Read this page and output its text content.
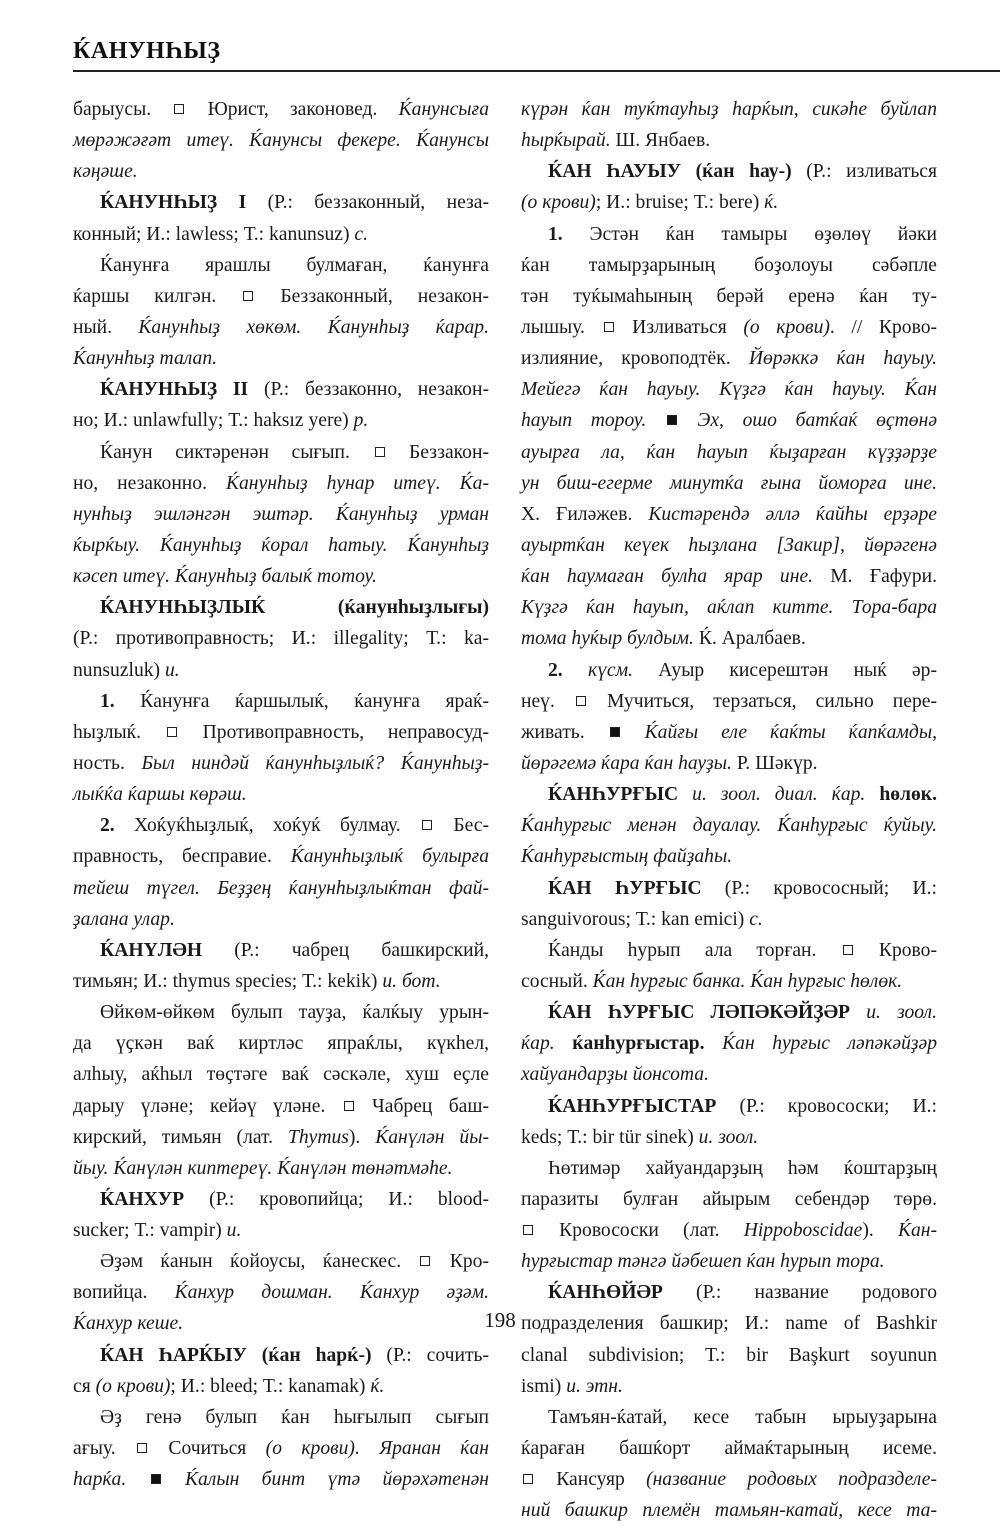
ЌАНУНҺЫҘ
барыусы.  Юрист, законовед. Ќанунсыға
мөрәжәғәт итеү. Ќанунсы фекере. Ќанунсы
кәңәше.
ЌАНУНҺЫҘ I (Р.: беззаконный, неза-
конный; И.: lawless; Т.: kanunsuz) с.
Ќанунға ярашлы булмаған, ќанунға
ќаршы килгән.  Беззаконный, незакон-
ный. Ќанунһыҙ хөкөм. Ќанунһыҙ ќарар.
Ќанунһыҙ талап.
ЌАНУНҺЫҘ II (Р.: беззаконно, незакон-
но; И.: unlawfully; Т.: haksız yere) р.
Ќанун сиктәренән сығып.  Беззакон-
но, незаконно. Ќанунһыҙ һунар итеү. Ќа-
нунһыҙ эшләнгән эштәр. Ќанунһыҙ урман
ќырќыу. Ќанунһыҙ ќорал һатыу. Ќанунһыҙ
кәсеп итеү. Ќанунһыҙ балыќ тотоу.
ЌАНУНҺЫҘЛЫЌ	(ќанунһыҙлығы)
(Р.: противоправность; И.: illegality; Т.: ka-
nunsuzluk) и.
1. Ќанунға ќаршылыќ, ќанунға яраќ-
һыҙлыќ.  Противоправность, неправосуд-
ность. Был ниндәй ќанунһыҙлыќ? Ќанунһыҙ-
лыќќа ќаршы көрәш.
2. Хоќуќһыҙлыќ, хоќуќ булмау.  Бес-
правность, бесправие. Ќанунһыҙлыќ булырға
тейеш түгел. Беҙҙең ќанунһыҙлыќтан фай-
ҙалана улар.
ЌАНҮЛӘН (Р.: чабрец башкирский,
тимьян; И.: thymus species; Т.: kekik) и. бот.
Өйкөм-өйкөм булып тауҙа, ќалќыу урын-
да үҫкән ваќ киртләс япраќлы, күкһел,
алһыу, аќһыл төҫтәге ваќ сәскәле, хуш еҫле
дарыу үләне; кейәү үләне.  Чабрец баш-
кирский, тимьян (лат. Thymus). Ќанүлән йы-
йыу. Ќанүлән киптереү. Ќанүлән төнәтмәһе.
ЌАНХУР (Р.: кровопийца; И.: blood-
sucker; Т.: vampir) и.
Әҙәм ќанын ќойоусы, ќанескес.  Кро-
вопийца. Ќанхур дошман. Ќанхур әҙәм.
Ќанхур кеше.
ЌАН ҺАРЌЫУ (ќан һарќ-) (Р.: сочить-
ся (о крови); И.: bleed; Т.: kanamak) ќ.
Әҙ генә булып ќан һығылып сығып
ағыу.  Сочиться (о крови). Яранан ќан
һарќа.	Ќалын бинт үтә йөрәхәтенән
күрән ќан туќтауһыҙ һарќып, сикәһе буйлап
һырќырай. Ш. Янбаев.
ЌАН ҺАУЫУ (ќан һау-) (Р.: изливаться
(о крови); И.: bruise; Т.: bere) ќ.
1. Эстән ќан тамыры өҙөлөү йәки
ќан тамырҙарының боҙолоуы сәбәпле
тән туќымаһының берәй еренә ќан ту-
лышыу.  Изливаться (о крови). // Крово-
излияние, кровоподтёк. Йөрәккә ќан һауыу.
Мейегә ќан һауыу. Күҙгә ќан һауыу. Ќан
һауып тороу.	Эх, ошо батќаќ өҫтөнә
ауырға ла, ќан һауып ќыҙарған күҙҙәрҙе
ун биш-егерме минутќа ғына йоморға ине.
Х. Ғиләжев. Кистәрендә әллә ќайһы ерҙәре
ауыртќан кеүек һыҙлана [Закир], йөрәгенә
ќан һаумаған булһа ярар ине. М. Ғафури.
Күҙгә ќан һауып, аќлап китте. Тора-бара
тома һуќыр булдым. Ќ. Аралбаев.
2. күсм. Ауыр кисерештән ныќ әр-
неү.  Мучиться, терзаться, сильно пере-
живать.  Ќайғы еле ќаќты ќапќамды,
йөрәгемә ќара ќан һауҙы. Р. Шәкүр.
ЌАНҺУРҒЫС и. зоол. диал. ќар. һөлөк.
Ќанһурғыс менән дауалау. Ќанһурғыс ќуйыу.
Ќанһурғыстың файҙаһы.
ЌАН ҺУРҒЫС (Р.: кровососный; И.:
sanguivorous; Т.: kan emici) с.
Ќанды һурып ала торған.  Крово-
сосный. Ќан һурғыс банка. Ќан һурғыс һөлөк.
ЌАН ҺУРҒЫС ЛӘПӘКӘЙҘӘР и. зоол.
ќар. ќанһурғыстар. Ќан һурғыс ләпәкәйҙәр
хайуандарҙы йонсота.
ЌАНҺУРҒЫСТАР (Р.: кровососки; И.:
keds; Т.: bir tür sinek) и. зоол.
Һөтимәр хайуандарҙың һәм ќоштарҙың
паразиты булған айырым себендәр төрө.
Кровососки (лат. Hippoboscidae). Ќан-
һурғыстар тәнгә йәбешеп ќан һурып тора.
ЌАНҺӨЙӘР (Р.: название родового
подразделения башкир; И.: name of Bashkir
clanal subdivision; Т.: bir Başkurt soyunun
ismi) и. этн.
Тамъян-ќатай, кесе табын ырыуҙарына
ќараған башќорт аймаќтарының исеме.
Кансуяр (название родовых подразделе-
ний башкир племён тамьян-катай, кесе та-
198
